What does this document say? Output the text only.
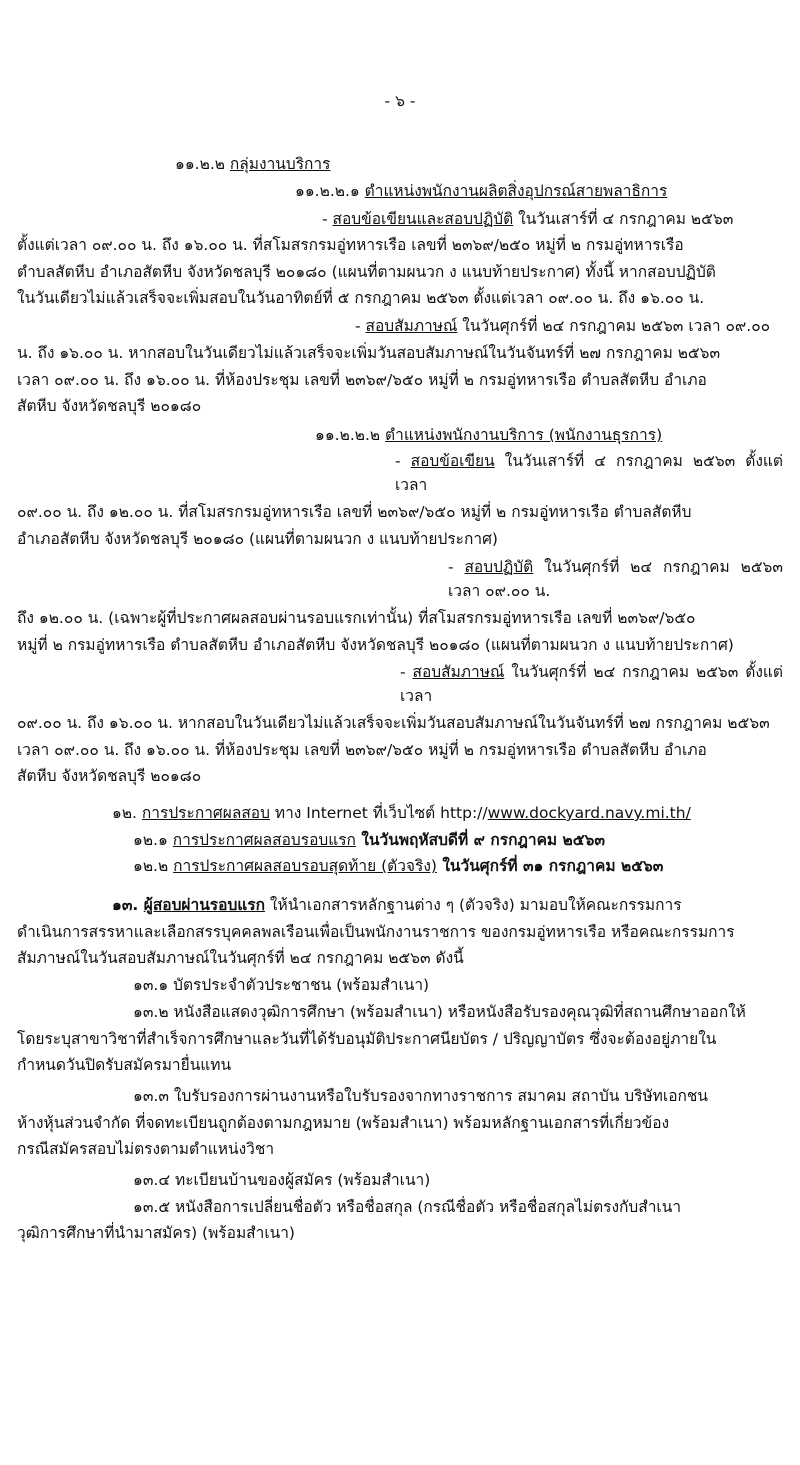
- ๖ -
๑๑.๒.๒ กลุ่มงานบริการ
๑๑.๒.๒.๑ ตำแหน่งพนักงานผลิตสิ่งอุปกรณ์สายพลาธิการ
- สอบข้อเขียนและสอบปฏิบัติ ในวันเสาร์ที่ ๔ กรกฎาคม ๒๕๖๓
ตั้งแต่เวลา ๐๙.๐๐ น. ถึง ๑๖.๐๐ น. ที่สโมสรกรมอู่ทหารเรือ เลขที่ ๒๓๖๙/๒๕๐ หมู่ที่ ๒ กรมอู่ทหารเรือ
ตำบลสัตหีบ อำเภอสัตหีบ จังหวัดชลบุรี ๒๐๑๘๐ (แผนที่ตามผนวก ง แนบท้ายประกาศ) ทั้งนี้ หากสอบปฏิบัติ
ในวันเดียวไม่แล้วเสร็จจะเพิ่มสอบในวันอาทิตย์ที่ ๕ กรกฎาคม ๒๕๖๓ ตั้งแต่เวลา ๐๙.๐๐ น. ถึง ๑๖.๐๐ น.
- สอบสัมภาษณ์ ในวันศุกร์ที่ ๒๔ กรกฎาคม ๒๕๖๓ เวลา ๐๙.๐๐
น. ถึง ๑๖.๐๐ น. หากสอบในวันเดียวไม่แล้วเสร็จจะเพิ่มวันสอบสัมภาษณ์ในวันจันทร์ที่ ๒๗ กรกฎาคม ๒๕๖๓
เวลา ๐๙.๐๐ น. ถึง ๑๖.๐๐ น. ที่ห้องประชุม เลขที่ ๒๓๖๙/๖๕๐ หมู่ที่ ๒ กรมอู่ทหารเรือ ตำบลสัตหีบ อำเภอ
สัตหีบ จังหวัดชลบุรี ๒๐๑๘๐
๑๑.๒.๒.๒ ตำแหน่งพนักงานบริการ (พนักงานธุรการ)
- สอบข้อเขียน ในวันเสาร์ที่ ๔ กรกฎาคม ๒๕๖๓ ตั้งแต่เวลา
๐๙.๐๐ น. ถึง ๑๒.๐๐ น. ที่สโมสรกรมอู่ทหารเรือ เลขที่ ๒๓๖๙/๖๕๐ หมู่ที่ ๒ กรมอู่ทหารเรือ ตำบลสัตหีบ
อำเภอสัตหีบ จังหวัดชลบุรี ๒๐๑๘๐ (แผนที่ตามผนวก ง แนบท้ายประกาศ)
- สอบปฏิบัติ ในวันศุกร์ที่ ๒๔ กรกฎาคม ๒๕๖๓ เวลา ๐๙.๐๐ น.
ถึง ๑๒.๐๐ น. (เฉพาะผู้ที่ประกาศผลสอบผ่านรอบแรกเท่านั้น) ที่สโมสรกรมอู่ทหารเรือ เลขที่ ๒๓๖๙/๖๕๐
หมู่ที่ ๒ กรมอู่ทหารเรือ ตำบลสัตหีบ อำเภอสัตหีบ จังหวัดชลบุรี ๒๐๑๘๐ (แผนที่ตามผนวก ง แนบท้ายประกาศ)
- สอบสัมภาษณ์ ในวันศุกร์ที่ ๒๔ กรกฎาคม ๒๕๖๓ ตั้งแต่เวลา
๐๙.๐๐ น. ถึง ๑๖.๐๐ น. หากสอบในวันเดียวไม่แล้วเสร็จจะเพิ่มวันสอบสัมภาษณ์ในวันจันทร์ที่ ๒๗ กรกฎาคม ๒๕๖๓
เวลา ๐๙.๐๐ น. ถึง ๑๖.๐๐ น. ที่ห้องประชุม เลขที่ ๒๓๖๙/๖๕๐ หมู่ที่ ๒ กรมอู่ทหารเรือ ตำบลสัตหีบ อำเภอ
สัตหีบ จังหวัดชลบุรี ๒๐๑๘๐
๑๒. การประกาศผลสอบ ทาง Internet ที่เว็บไซต์ http://www.dockyard.navy.mi.th/
๑๒.๑ การประกาศผลสอบรอบแรก ในวันพฤหัสบดีที่ ๙ กรกฎาคม ๒๕๖๓
๑๒.๒ การประกาศผลสอบรอบสุดท้าย (ตัวจริง) ในวันศุกร์ที่ ๓๑ กรกฎาคม ๒๕๖๓
๑๓. ผู้สอบผ่านรอบแรก ให้นำเอกสารหลักฐานต่าง ๆ (ตัวจริง) มามอบให้คณะกรรมการ
ดำเนินการสรรหาและเลือกสรรบุคคลพลเรือนเพื่อเป็นพนักงานราชการ ของกรมอู่ทหารเรือ หรือคณะกรรมการ
สัมภาษณ์ในวันสอบสัมภาษณ์ในวันศุกร์ที่ ๒๔ กรกฎาคม ๒๕๖๓ ดังนี้
๑๓.๑ บัตรประจำตัวประชาชน (พร้อมสำเนา)
๑๓.๒ หนังสือแสดงวุฒิการศึกษา (พร้อมสำเนา) หรือหนังสือรับรองคุณวุฒิที่สถานศึกษาออกให้
โดยระบุสาขาวิชาที่สำเร็จการศึกษาและวันที่ได้รับอนุมัติประกาศนียบัตร / ปริญญาบัตร ซึ่งจะต้องอยู่ภายใน
กำหนดวันปิดรับสมัครมายื่นแทน
๑๓.๓ ใบรับรองการผ่านงานหรือใบรับรองจากทางราชการ สมาคม สถาบัน บริษัทเอกชน
ห้างหุ้นส่วนจำกัด ที่จดทะเบียนถูกต้องตามกฎหมาย (พร้อมสำเนา) พร้อมหลักฐานเอกสารที่เกี่ยวข้อง
กรณีสมัครสอบไม่ตรงตามตำแหน่งวิชา
๑๓.๔ ทะเบียนบ้านของผู้สมัคร (พร้อมสำเนา)
๑๓.๕ หนังสือการเปลี่ยนชื่อตัว หรือชื่อสกุล (กรณีชื่อตัว หรือชื่อสกุลไม่ตรงกับสำเนา
วุฒิการศึกษาที่นำมาสมัคร) (พร้อมสำเนา)
